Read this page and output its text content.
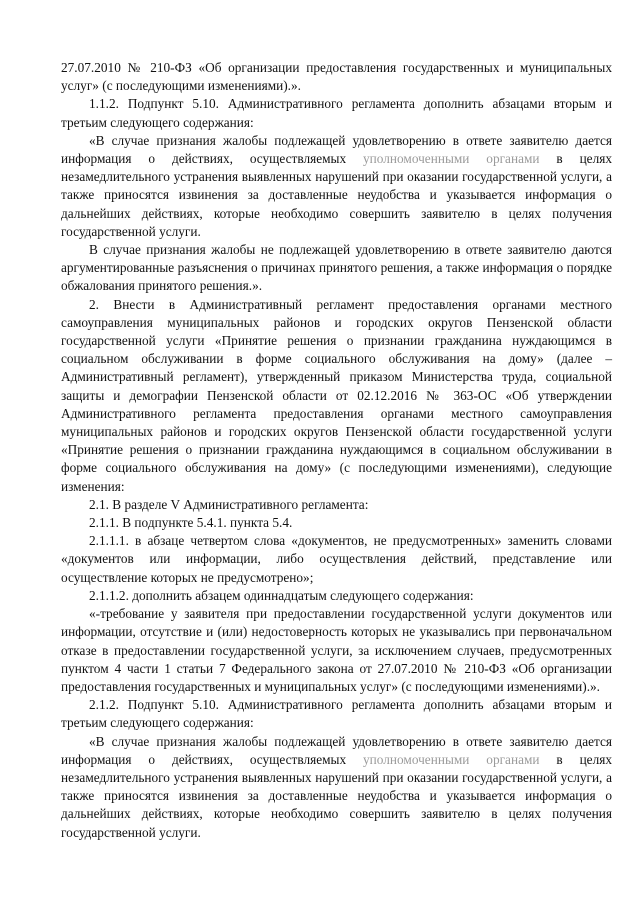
27.07.2010 № 210-ФЗ «Об организации предоставления государственных и муниципальных услуг» (с последующими изменениями).».

1.1.2. Подпункт 5.10. Административного регламента дополнить абзацами вторым и третьим следующего содержания:

«В случае признания жалобы подлежащей удовлетворению в ответе заявителю дается информация о действиях, осуществляемых уполномоченными органами в целях незамедлительного устранения выявленных нарушений при оказании государственной услуги, а также приносятся извинения за доставленные неудобства и указывается информация о дальнейших действиях, которые необходимо совершить заявителю в целях получения государственной услуги.

В случае признания жалобы не подлежащей удовлетворению в ответе заявителю даются аргументированные разъяснения о причинах принятого решения, а также информация о порядке обжалования принятого решения.».

2. Внести в Административный регламент предоставления органами местного самоуправления муниципальных районов и городских округов Пензенской области государственной услуги «Принятие решения о признании гражданина нуждающимся в социальном обслуживании в форме социального обслуживания на дому» (далее – Административный регламент), утвержденный приказом Министерства труда, социальной защиты и демографии Пензенской области от 02.12.2016 № 363-ОС «Об утверждении Административного регламента предоставления органами местного самоуправления муниципальных районов и городских округов Пензенской области государственной услуги «Принятие решения о признании гражданина нуждающимся в социальном обслуживании в форме социального обслуживания на дому» (с последующими изменениями), следующие изменения:

2.1. В разделе V Административного регламента:

2.1.1. В подпункте 5.4.1. пункта 5.4.

2.1.1.1. в абзаце четвертом слова «документов, не предусмотренных» заменить словами «документов или информации, либо осуществления действий, представление или осуществление которых не предусмотрено»;

2.1.1.2. дополнить абзацем одиннадцатым следующего содержания:

«-требование у заявителя при предоставлении государственной услуги документов или информации, отсутствие и (или) недостоверность которых не указывались при первоначальном отказе в предоставлении государственной услуги, за исключением случаев, предусмотренных пунктом 4 части 1 статьи 7 Федерального закона от 27.07.2010 № 210-ФЗ «Об организации предоставления государственных и муниципальных услуг» (с последующими изменениями).».

2.1.2. Подпункт 5.10. Административного регламента дополнить абзацами вторым и третьим следующего содержания:

«В случае признания жалобы подлежащей удовлетворению в ответе заявителю дается информация о действиях, осуществляемых уполномоченными органами в целях незамедлительного устранения выявленных нарушений при оказании государственной услуги, а также приносятся извинения за доставленные неудобства и указывается информация о дальнейших действиях, которые необходимо совершить заявителю в целях получения государственной услуги.
